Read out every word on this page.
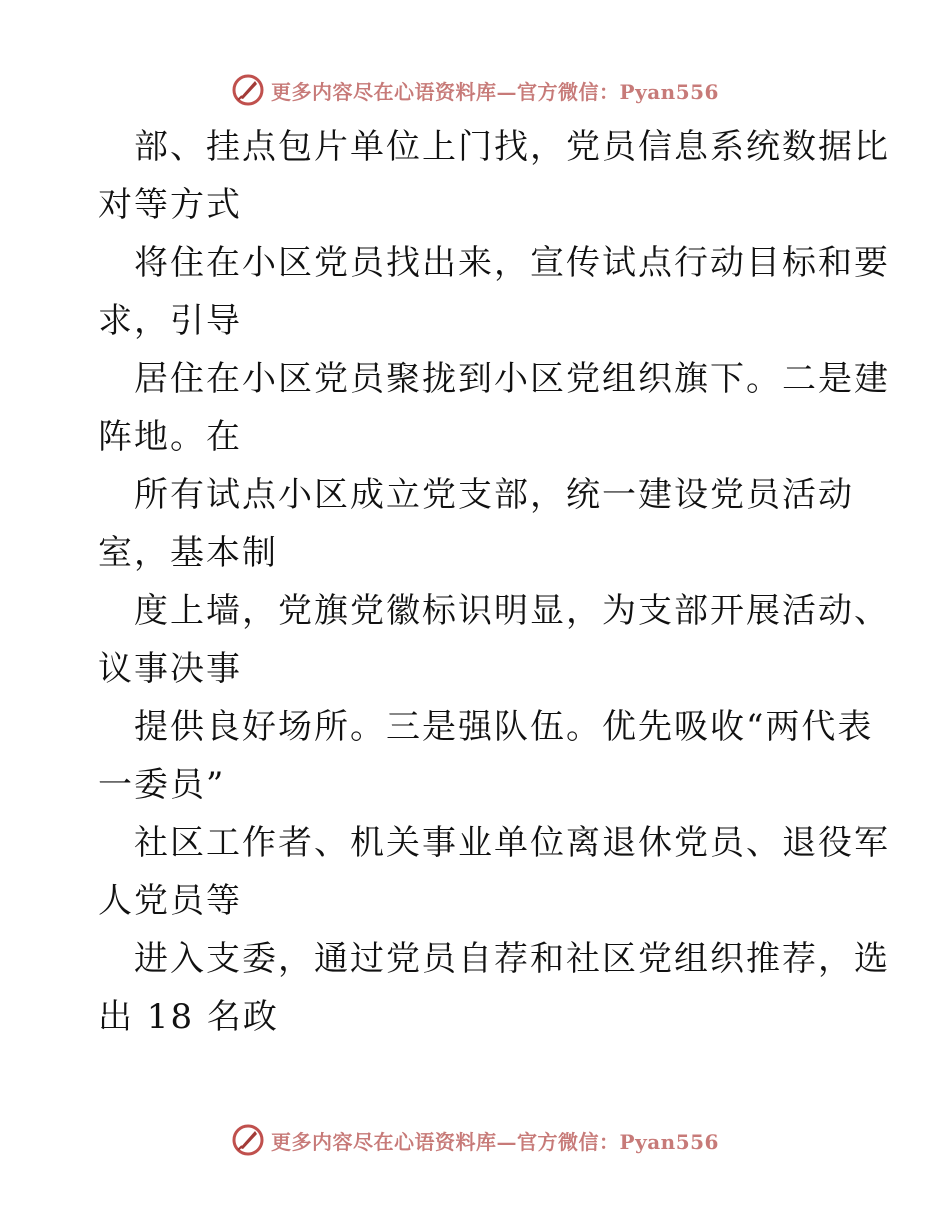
更多内容尽在心语资料库—官方微信：Pyan556
部、挂点包片单位上门找，党员信息系统数据比
对等方式
将住在小区党员找出来，宣传试点行动目标和要
求，引导
居住在小区党员聚拢到小区党组织旗下。二是建
阵地。在
所有试点小区成立党支部，统一建设党员活动
室，基本制
度上墙，党旗党徽标识明显，为支部开展活动、
议事决事
提供良好场所。三是强队伍。优先吸收“两代表
一委员”
社区工作者、机关事业单位离退休党员、退役军
人党员等
进入支委，通过党员自荐和社区党组织推荐，选
出 18 名政
更多内容尽在心语资料库—官方微信：Pyan556
